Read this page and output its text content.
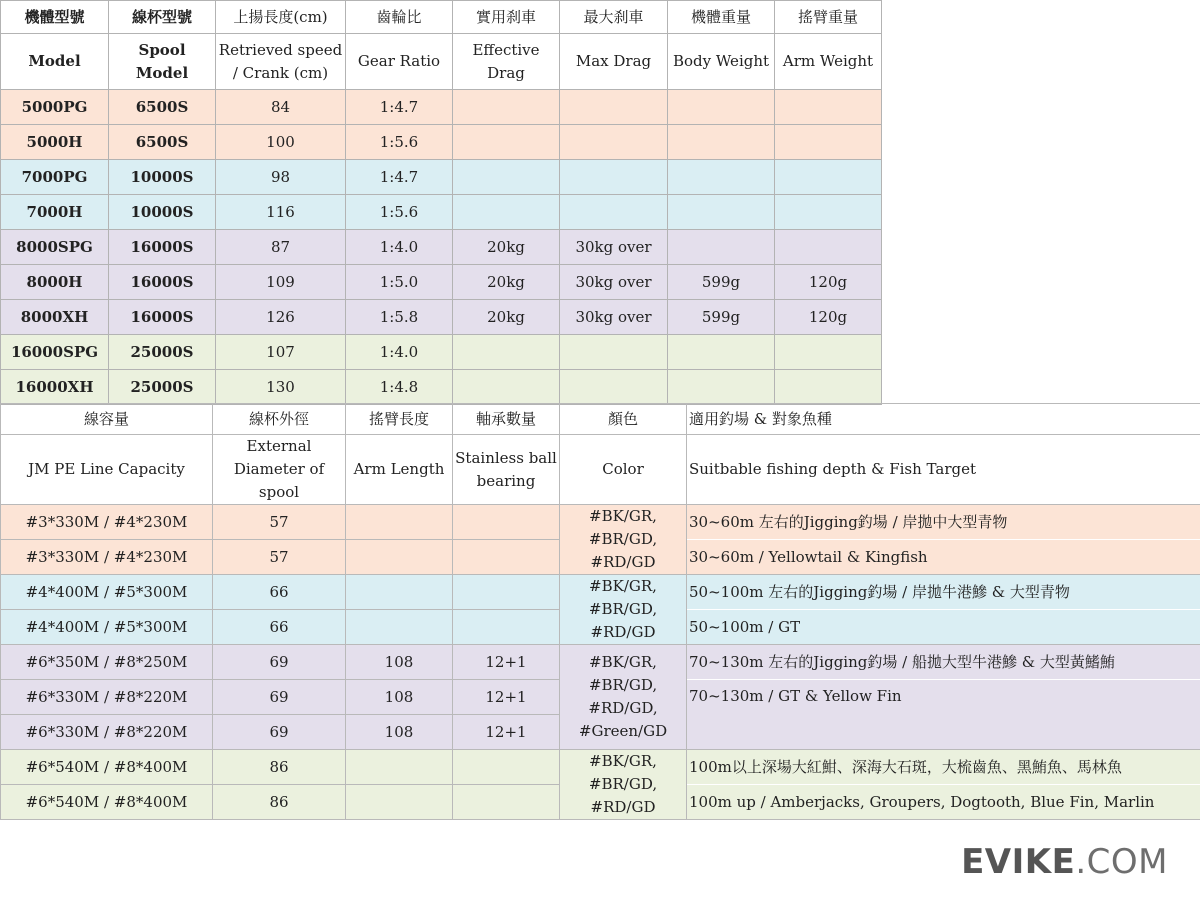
機體型號	線杯型號	上揚長度(cm)	齒輪比	實用刹車	最大刹車	機體重量	搖臂重量
Model	Spool Model	Retrieved speed / Crank (cm)	Gear Ratio	Effective Drag	Max Drag	Body Weight	Arm Weight
5000PG	6500S	84	1:4.7				
5000H	6500S	100	1:5.6				
7000PG	10000S	98	1:4.7				
7000H	10000S	116	1:5.6				
8000SPG	16000S	87	1:4.0	20kg	30kg over		
8000H	16000S	109	1:5.0	20kg	30kg over	599g	120g
8000XH	16000S	126	1:5.8	20kg	30kg over	599g	120g
16000SPG	25000S	107	1:4.0				
16000XH	25000S	130	1:4.8				
線容量	線杯外徑	搖臂長度	軸承數量	顏色	適用釣場 & 對象魚種
JM PE Line Capacity	External Diameter of spool	Arm Length	Stainless ball bearing	Color	Suitbable fishing depth & Fish Target
#3*330M / #4*230M	57			#BK/GR,
#BR/GD,
#RD/GD	30~60m 左右的Jigging釣場 / 岸拋中大型青物
#3*330M / #4*230M	57				30~60m / Yellowtail & Kingfish
#4*400M / #5*300M	66			#BK/GR,
#BR/GD,
#RD/GD	50~100m 左右的Jigging釣場 / 岸拋牛港鰺 & 大型青物
#4*400M / #5*300M	66				50~100m / GT
#6*350M / #8*250M	69	108	12+1	#BK/GR,
#BR/GD,
#RD/GD,
#Green/GD	70~130m 左右的Jigging釣場 / 船拋大型牛港鰺 & 大型黃鰭鮪
#6*330M / #8*220M	69	108	12+1		70~130m / GT & Yellow Fin
#6*330M / #8*220M	69	108	12+1		
#6*540M / #8*400M	86			#BK/GR,
#BR/GD,
#RD/GD	100m以上深場大紅魽、深海大石斑，大梳齒魚、黑鮪魚、馬林魚
#6*540M / #8*400M	86				100m up / Amberjacks, Groupers, Dogtooth, Blue Fin, Marlin
EVIKE.COM
